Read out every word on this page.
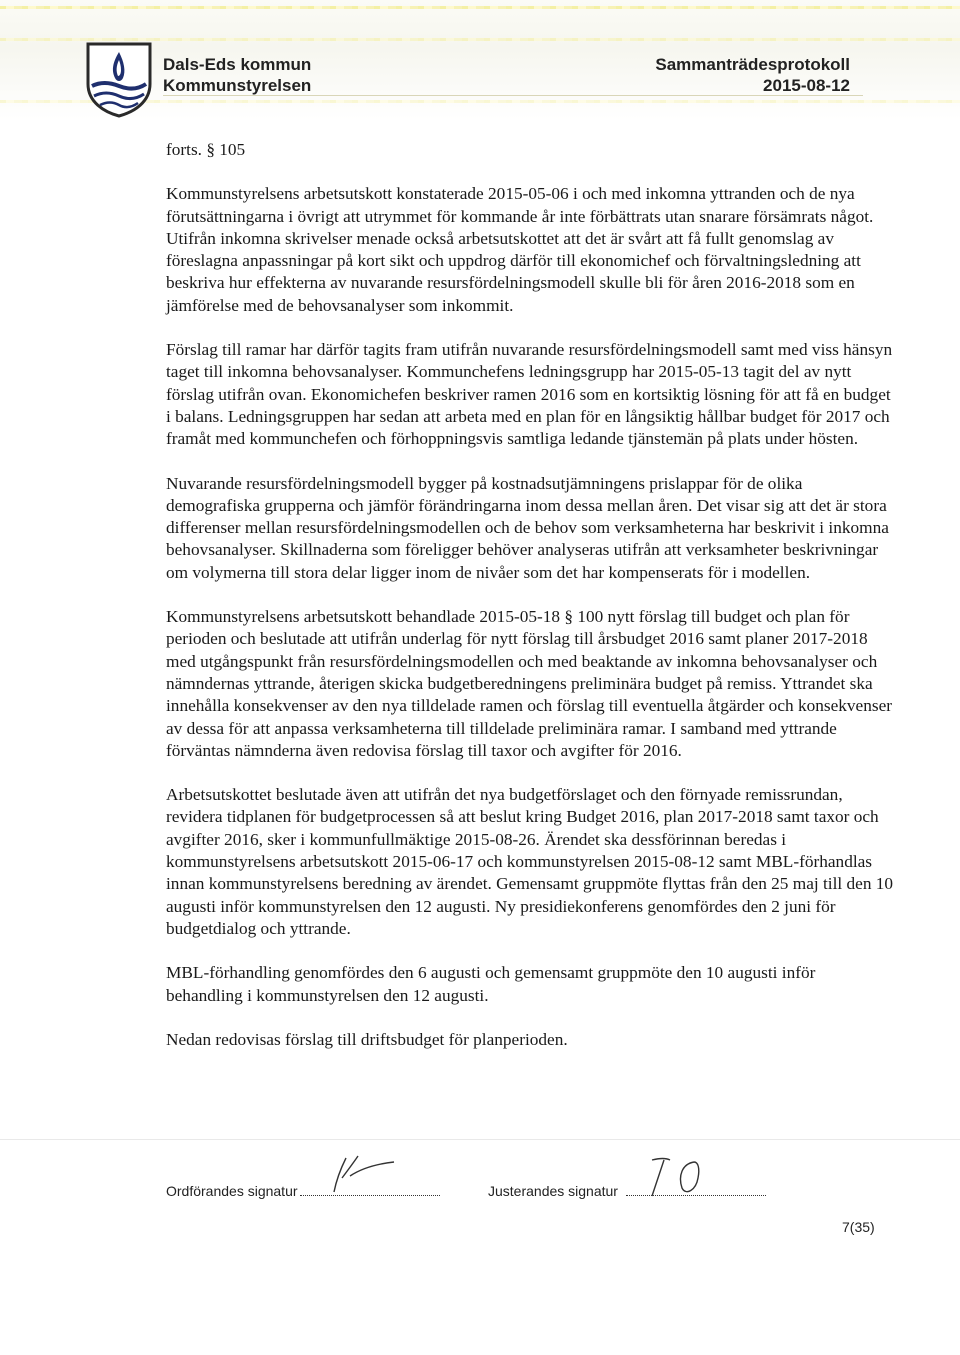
Dals-Eds kommun
Kommunstyrelsen
Sammanträdesprotokoll
2015-08-12

forts. § 105

Kommunstyrelsens arbetsutskott konstaterade 2015-05-06 i och med inkomna yttranden och de nya förutsättningarna i övrigt att utrymmet för kommande år inte förbättrats utan snarare försämrats något. Utifrån inkomna skrivelser menade också arbetsutskottet att det är svårt att få fullt genomslag av föreslagna anpassningar på kort sikt och uppdrog därför till ekonomichef och förvaltningsledning att beskriva hur effekterna av nuvarande resursfördelningsmodell skulle bli för åren 2016-2018 som en jämförelse med de behovsanalyser som inkommit.

Förslag till ramar har därför tagits fram utifrån nuvarande resursfördelningsmodell samt med viss hänsyn taget till inkomna behovsanalyser. Kommunchefens ledningsgrupp har 2015-05-13 tagit del av nytt förslag utifrån ovan. Ekonomichefen beskriver ramen 2016 som en kortsiktig lösning för att få en budget i balans. Ledningsgruppen har sedan att arbeta med en plan för en långsiktig hållbar budget för 2017 och framåt med kommunchefen och förhoppningsvis samtliga ledande tjänstemän på plats under hösten.

Nuvarande resursfördelningsmodell bygger på kostnadsutjämningens prislappar för de olika demografiska grupperna och jämför förändringarna inom dessa mellan åren. Det visar sig att det är stora differenser mellan resursfördelningsmodellen och de behov som verksamheterna har beskrivit i inkomna behovsanalyser. Skillnaderna som föreligger behöver analyseras utifrån att verksamheter beskrivningar om volymerna till stora delar ligger inom de nivåer som det har kompenserats för i modellen.

Kommunstyrelsens arbetsutskott behandlade 2015-05-18 § 100 nytt förslag till budget och plan för perioden och beslutade att utifrån underlag för nytt förslag till årsbudget 2016 samt planer 2017-2018 med utgångspunkt från resursfördelningsmodellen och med beaktande av inkomna behovsanalyser och nämndernas yttrande, återigen skicka budgetberedningens preliminära budget på remiss. Yttrandet ska innehålla konsekvenser av den nya tilldelade ramen och förslag till eventuella åtgärder och konsekvenser av dessa för att anpassa verksamheterna till tilldelade preliminära ramar. I samband med yttrande förväntas nämnderna även redovisa förslag till taxor och avgifter för 2016.

Arbetsutskottet beslutade även att utifrån det nya budgetförslaget och den förnyade remissrundan, revidera tidplanen för budgetprocessen så att beslut kring Budget 2016, plan 2017-2018 samt taxor och avgifter 2016, sker i kommunfullmäktige 2015-08-26. Ärendet ska dessförinnan beredas i kommunstyrelsens arbetsutskott 2015-06-17 och kommunstyrelsen 2015-08-12 samt MBL-förhandlas innan kommunstyrelsens beredning av ärendet. Gemensamt gruppmöte flyttas från den 25 maj till den 10 augusti inför kommunstyrelsen den 12 augusti. Ny presidiekonferens genomfördes den 2 juni för budgetdialog och yttrande.

MBL-förhandling genomfördes den 6 augusti och gemensamt gruppmöte den 10 augusti inför behandling i kommunstyrelsen den 12 augusti.

Nedan redovisas förslag till driftsbudget för planperioden.

Ordförandes signatur	Justerandes signatur
7(35)
